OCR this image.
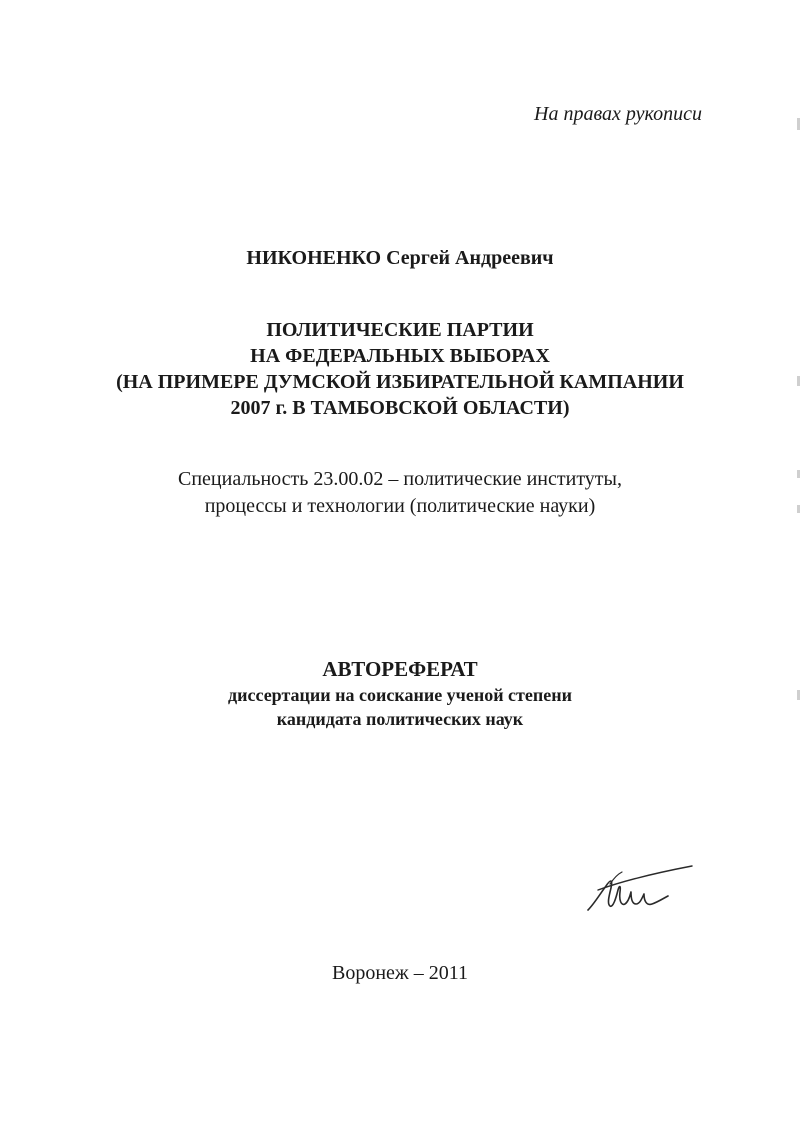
На правах рукописи
НИКОНЕНКО Сергей Андреевич
ПОЛИТИЧЕСКИЕ ПАРТИИ
НА ФЕДЕРАЛЬНЫХ ВЫБОРАХ
(НА ПРИМЕРЕ ДУМСКОЙ ИЗБИРАТЕЛЬНОЙ КАМПАНИИ
2007 г. В ТАМБОВСКОЙ ОБЛАСТИ)
Специальность 23.00.02 – политические институты,
процессы и технологии (политические науки)
АВТОРЕФЕРАТ
диссертации на соискание ученой степени
кандидата политических наук
Воронеж – 2011
